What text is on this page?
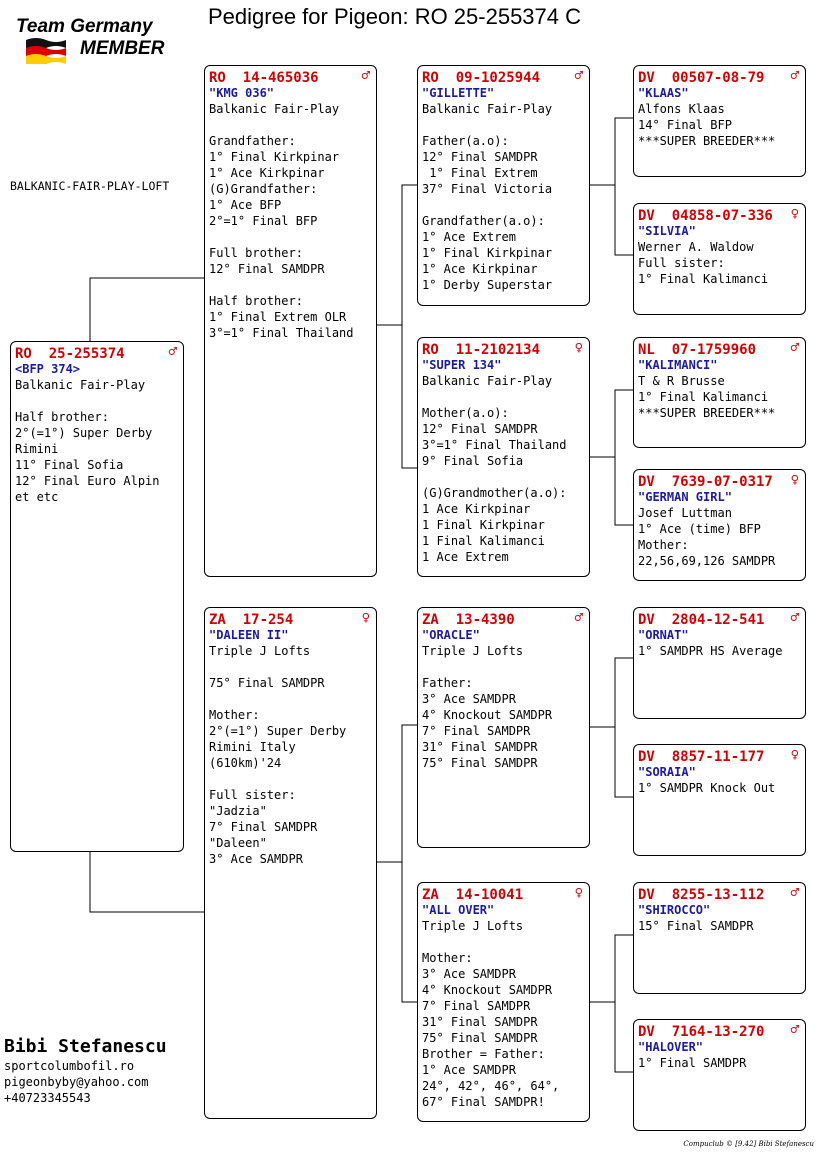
Team Germany
MEMBER
Pedigree for Pigeon: RO 25-255374 C
BALKANIC-FAIR-PLAY-LOFT
♂
RO  25-255374
<BFP 374>
Balkanic Fair-Play
Half brother:
2°(=1°) Super Derby
Rimini
11° Final Sofia
12° Final Euro Alpin
et etc
♂
RO  14-465036
"KMG 036"
Balkanic Fair-Play
Grandfather:
1° Final Kirkpinar
1° Ace Kirkpinar
(G)Grandfather:
1° Ace BFP
2°=1° Final BFP
Full brother:
12° Final SAMDPR
Half brother:
1° Final Extrem OLR
3°=1° Final Thailand
♀
ZA  17-254
"DALEEN II"
Triple J Lofts
75° Final SAMDPR
Mother:
2°(=1°) Super Derby
Rimini Italy
(610km)'24
Full sister:
"Jadzia"
7° Final SAMDPR
"Daleen"
3° Ace SAMDPR
♂
RO  09-1025944
"GILLETTE"
Balkanic Fair-Play
Father(a.o):
12° Final SAMDPR
1° Final Extrem
37° Final Victoria
Grandfather(a.o):
1° Ace Extrem
1° Final Kirkpinar
1° Ace Kirkpinar
1° Derby Superstar
♀
RO  11-2102134
"SUPER 134"
Balkanic Fair-Play
Mother(a.o):
12° Final SAMDPR
3°=1° Final Thailand
9° Final Sofia
(G)Grandmother(a.o):
1 Ace Kirkpinar
1 Final Kirkpinar
1 Final Kalimanci
1 Ace Extrem
♂
ZA  13-4390
"ORACLE"
Triple J Lofts
Father:
3° Ace SAMDPR
4° Knockout SAMDPR
7° Final SAMDPR
31° Final SAMDPR
75° Final SAMDPR
♀
ZA  14-10041
"ALL OVER"
Triple J Lofts
Mother:
3° Ace SAMDPR
4° Knockout SAMDPR
7° Final SAMDPR
31° Final SAMDPR
75° Final SAMDPR
Brother = Father:
1° Ace SAMDPR
24°, 42°, 46°, 64°,
67° Final SAMDPR!
♂
DV  00507-08-79
"KLAAS"
Alfons Klaas
14° Final BFP
***SUPER BREEDER***
♀
DV  04858-07-336
"SILVIA"
Werner A. Waldow
Full sister:
1° Final Kalimanci
♂
NL  07-1759960
"KALIMANCI"
T & R Brusse
1° Final Kalimanci
***SUPER BREEDER***
♀
DV  7639-07-0317
"GERMAN GIRL"
Josef Luttman
1° Ace (time) BFP
Mother:
22,56,69,126 SAMDPR
♂
DV  2804-12-541
"ORNAT"
1° SAMDPR HS Average
♀
DV  8857-11-177
"SORAIA"
1° SAMDPR Knock Out
♂
DV  8255-13-112
"SHIROCCO"
15° Final SAMDPR
♂
DV  7164-13-270
"HALOVER"
1° Final SAMDPR
Bibi Stefanescu
sportcolumbofil.ro
pigeonbyby@yahoo.com
+40723345543
Compuclub © [9.42] Bibi Stefanescu
